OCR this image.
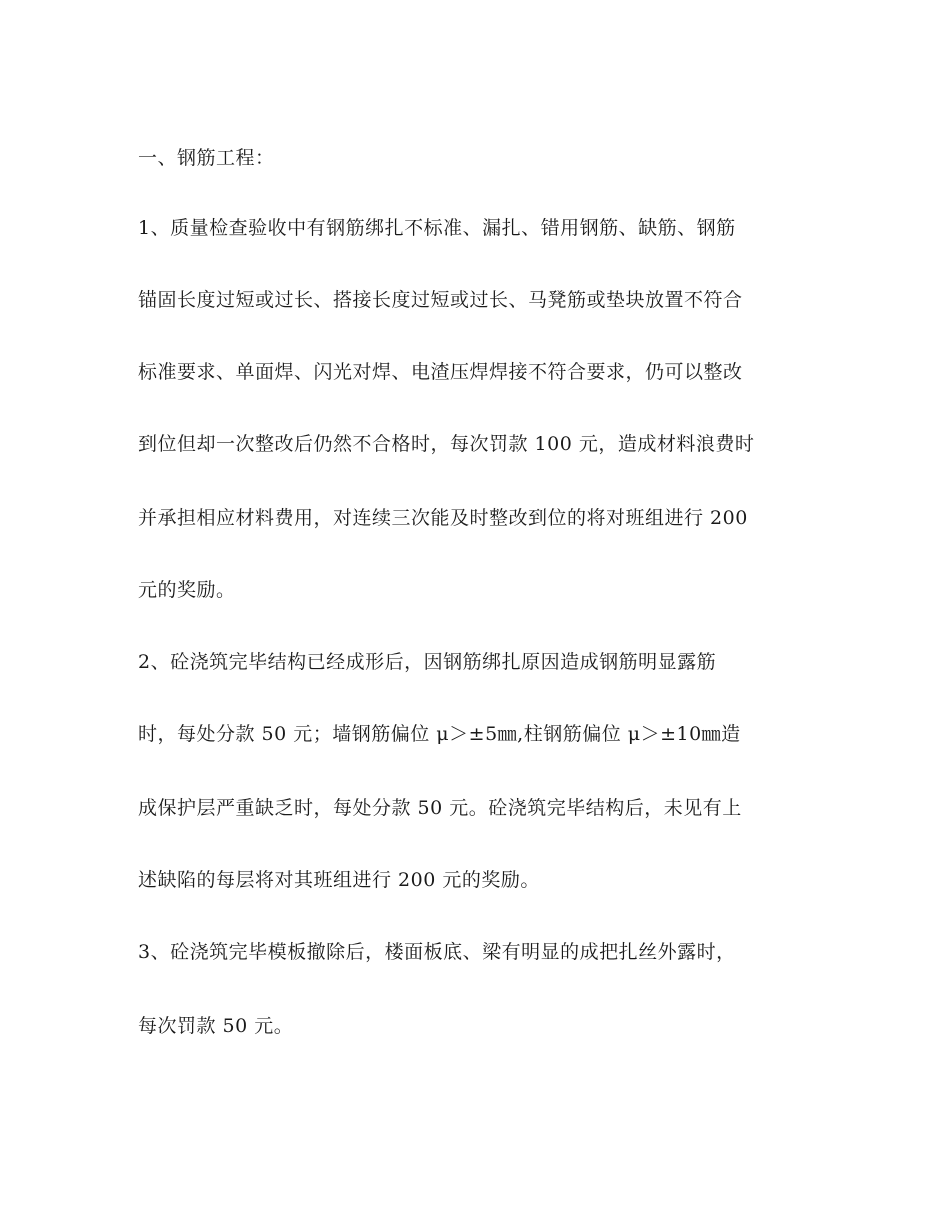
一、钢筋工程：
1、质量检查验收中有钢筋绑扎不标准、漏扎、错用钢筋、缺筋、钢筋
锚固长度过短或过长、搭接长度过短或过长、马凳筋或垫块放置不符合
标准要求、单面焊、闪光对焊、电渣压焊焊接不符合要求，仍可以整改
到位但却一次整改后仍然不合格时，每次罚款 100 元，造成材料浪费时
并承担相应材料费用，对连续三次能及时整改到位的将对班组进行 200
元的奖励。
2、砼浇筑完毕结构已经成形后，因钢筋绑扎原因造成钢筋明显露筋
时，每处分款 50 元；墙钢筋偏位 μ＞±5㎜,柱钢筋偏位 μ＞±10㎜造
成保护层严重缺乏时，每处分款 50 元。砼浇筑完毕结构后，未见有上
述缺陷的每层将对其班组进行 200 元的奖励。
3、砼浇筑完毕模板撤除后，楼面板底、梁有明显的成把扎丝外露时，
每次罚款 50 元。
